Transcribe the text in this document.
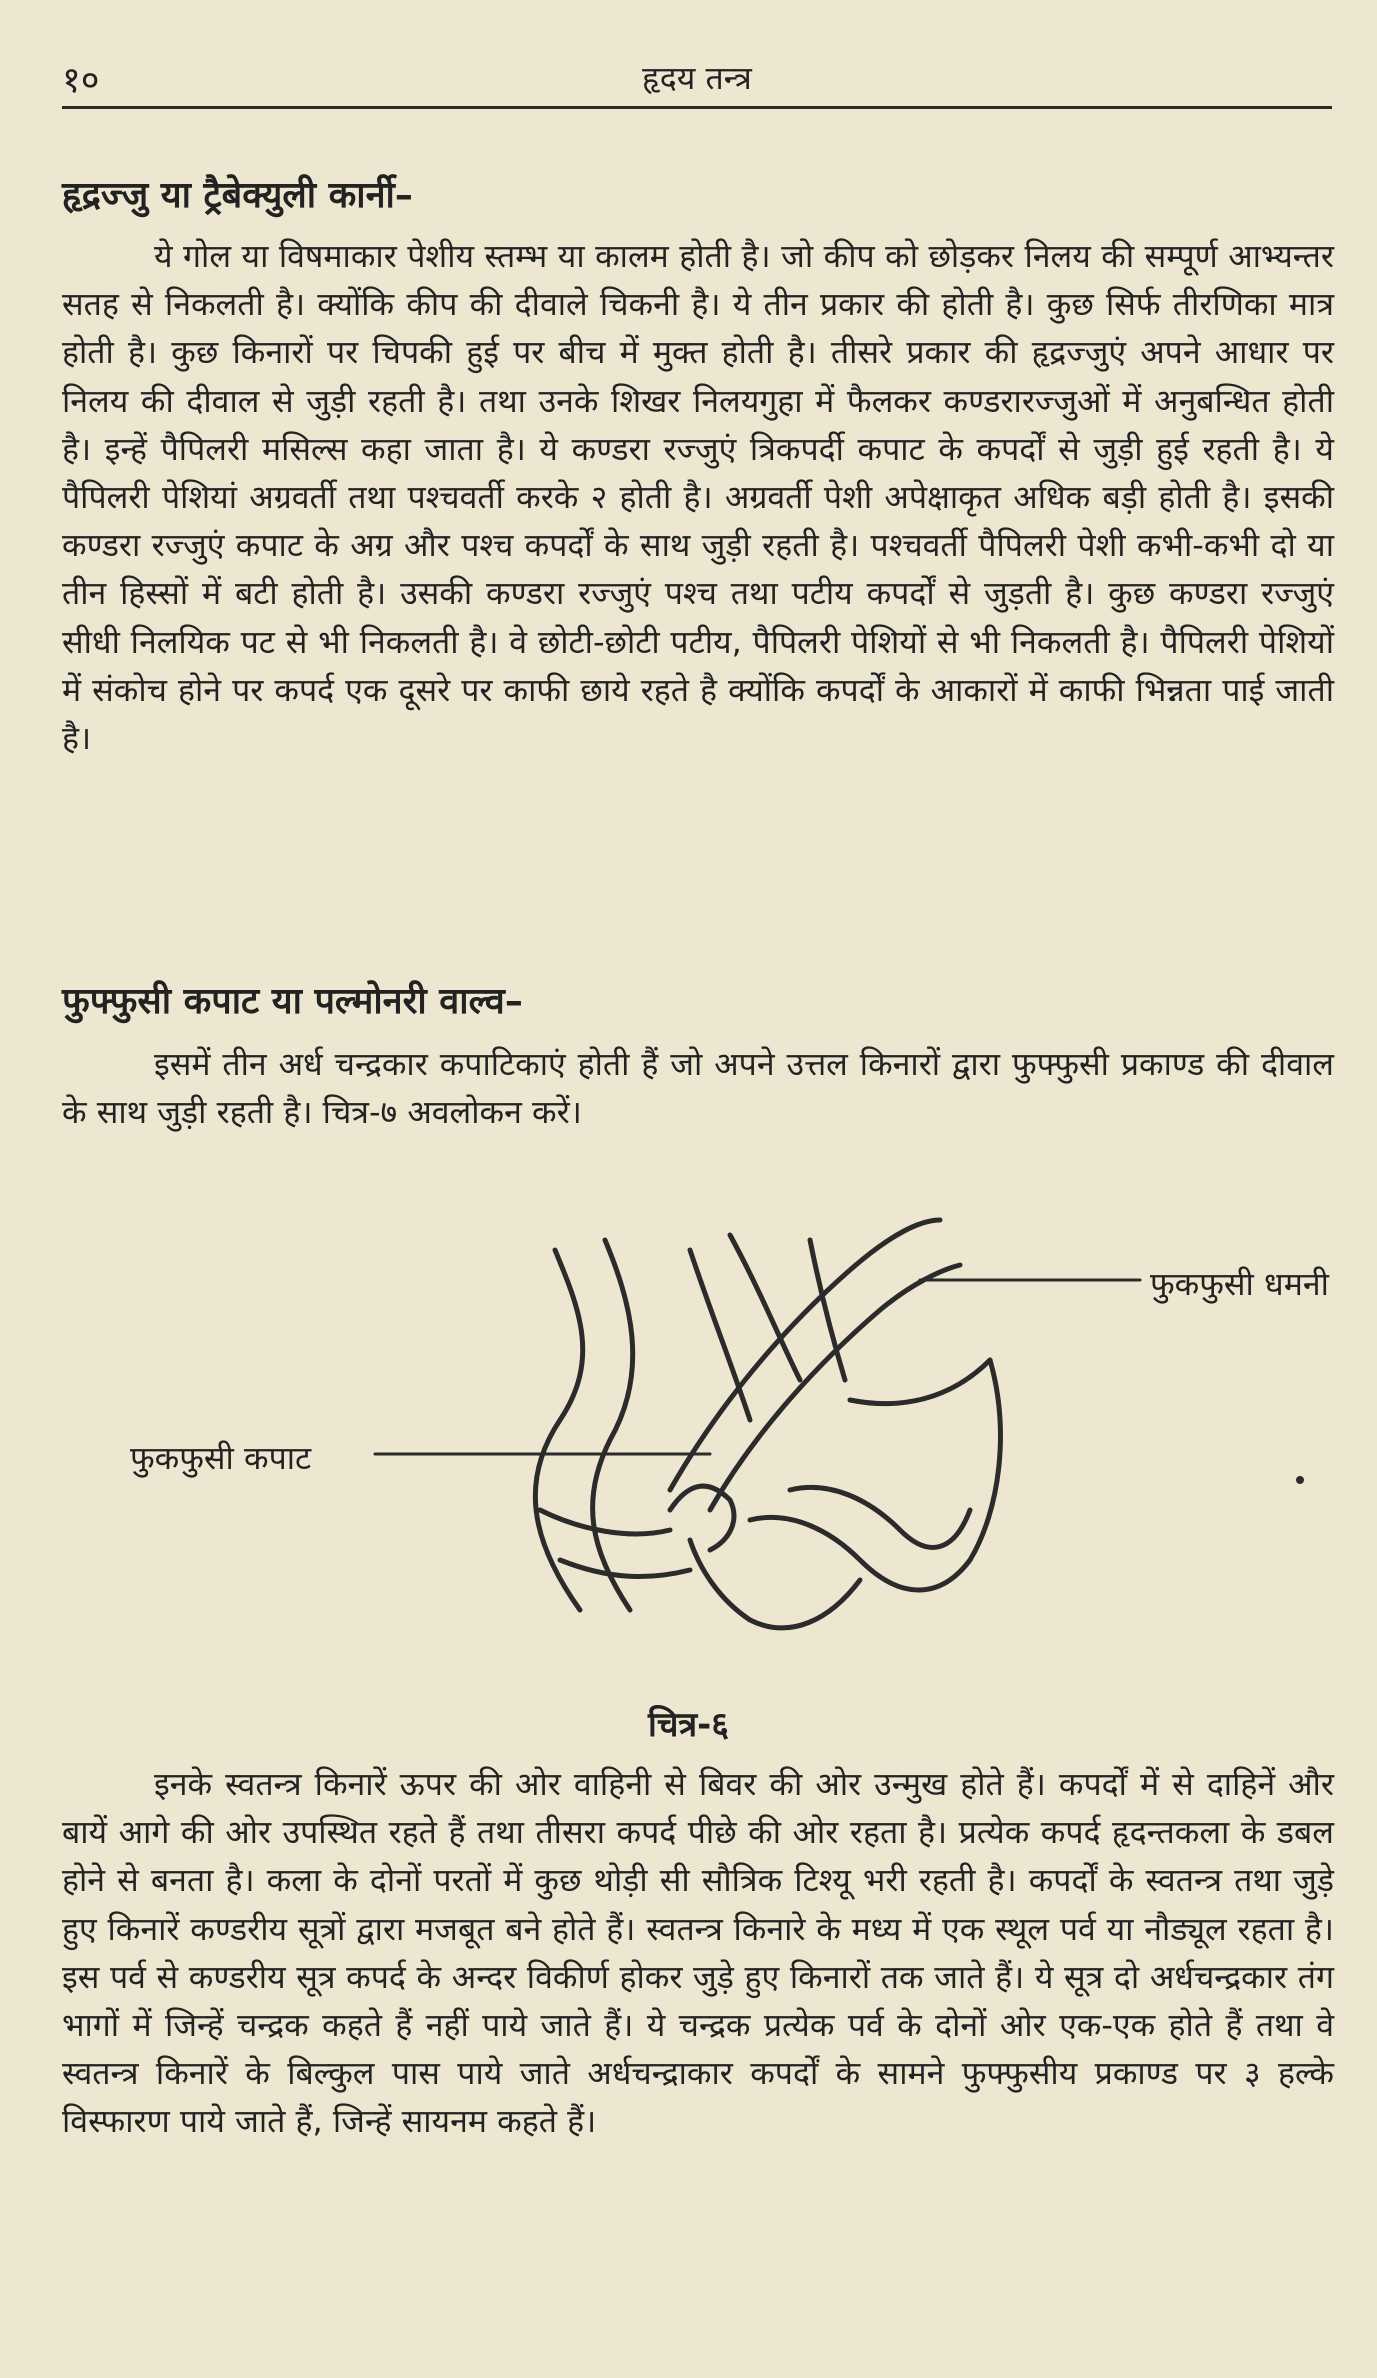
१०	हृदय तन्त्र
हृद्रज्जु या ट्रैबेक्युली कार्नी–
ये गोल या विषमाकार पेशीय स्तम्भ या कालम होती है। जो कीप को छोड़कर निलय की सम्पूर्ण आभ्यन्तर सतह से निकलती है। क्योंकि कीप की दीवाले चिकनी है। ये तीन प्रकार की होती है। कुछ सिर्फ तीरणिका मात्र होती है। कुछ किनारों पर चिपकी हुई पर बीच में मुक्त होती है। तीसरे प्रकार की हृद्रज्जुएं अपने आधार पर निलय की दीवाल से जुड़ी रहती है। तथा उनके शिखर निलयगुहा में फैलकर कण्डरारज्जुओं में अनुबन्धित होती है। इन्हें पैपिलरी मसिल्स कहा जाता है। ये कण्डरा रज्जुएं त्रिकपर्दी कपाट के कपर्दों से जुड़ी हुई रहती है। ये पैपिलरी पेशियां अग्रवर्ती तथा पश्चवर्ती करके २ होती है। अग्रवर्ती पेशी अपेक्षाकृत अधिक बड़ी होती है। इसकी कण्डरा रज्जुएं कपाट के अग्र और पश्च कपर्दों के साथ जुड़ी रहती है। पश्चवर्ती पैपिलरी पेशी कभी-कभी दो या तीन हिस्सों में बटी होती है। उसकी कण्डरा रज्जुएं पश्च तथा पटीय कपर्दों से जुड़ती है। कुछ कण्डरा रज्जुएं सीधी निलयिक पट से भी निकलती है। वे छोटी-छोटी पटीय, पैपिलरी पेशियों से भी निकलती है। पैपिलरी पेशियों में संकोच होने पर कपर्द एक दूसरे पर काफी छाये रहते है क्योंकि कपर्दों के आकारों में काफी भिन्नता पाई जाती है।
फुफ्फुसी कपाट या पल्मोनरी वाल्व–
इसमें तीन अर्ध चन्द्रकार कपाटिकाएं होती हैं जो अपने उत्तल किनारों द्वारा फुफ्फुसी प्रकाण्ड की दीवाल के साथ जुड़ी रहती है। चित्र-७ अवलोकन करें।
फुकफुसी धमनी
फुकफुसी कपाट
चित्र-६
इनके स्वतन्त्र किनारें ऊपर की ओर वाहिनी से बिवर की ओर उन्मुख होते हैं। कपर्दों में से दाहिनें और बायें आगे की ओर उपस्थित रहते हैं तथा तीसरा कपर्द पीछे की ओर रहता है। प्रत्येक कपर्द हृदन्तकला के डबल होने से बनता है। कला के दोनों परतों में कुछ थोड़ी सी सौत्रिक टिश्यू भरी रहती है। कपर्दों के स्वतन्त्र तथा जुड़े हुए किनारें कण्डरीय सूत्रों द्वारा मजबूत बने होते हैं। स्वतन्त्र किनारे के मध्य में एक स्थूल पर्व या नौड्यूल रहता है। इस पर्व से कण्डरीय सूत्र कपर्द के अन्दर विकीर्ण होकर जुड़े हुए किनारों तक जाते हैं। ये सूत्र दो अर्धचन्द्रकार तंग भागों में जिन्हें चन्द्रक कहते हैं नहीं पाये जाते हैं। ये चन्द्रक प्रत्येक पर्व के दोनों ओर एक-एक होते हैं तथा वे स्वतन्त्र किनारें के बिल्कुल पास पाये जाते अर्धचन्द्राकार कपर्दों के सामने फुफ्फुसीय प्रकाण्ड पर ३ हल्के विस्फारण पाये जाते हैं, जिन्हें सायनम कहते हैं।
